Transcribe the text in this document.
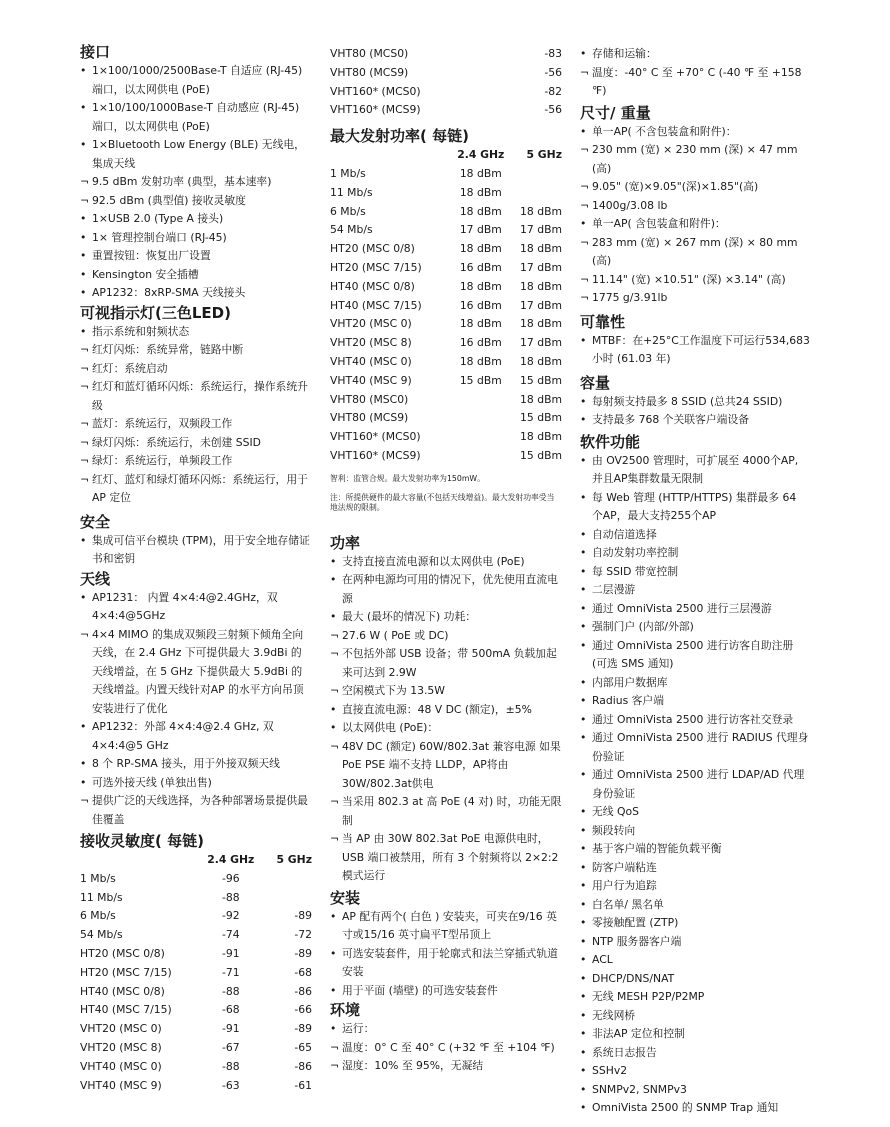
接口
• 1×100/1000/2500Base-T 自适应 (RJ-45) 端口，以太网供电 (PoE)
• 1×10/100/1000Base-T 自动感应 (RJ-45) 端口，以太网供电 (PoE)
• 1×Bluetooth Low Energy (BLE) 无线电，集成天线
¬ 9.5 dBm 发射功率 (典型，基本速率)
¬ 92.5 dBm (典型值) 接收灵敏度
• 1×USB 2.0 (Type A 接头)
• 1× 管理控制台端口 (RJ-45)
• 重置按钮：恢复出厂设置
• Kensington 安全插槽
• AP1232：8xRP-SMA 天线接头
可视指示灯(三色LED)
• 指示系统和射频状态
¬ 红灯闪烁：系统异常，链路中断
¬ 红灯：系统启动
¬ 红灯和蓝灯循环闪烁：系统运行，操作系统升级
¬ 蓝灯：系统运行，双频段工作
¬ 绿灯闪烁：系统运行，未创建 SSID
¬ 绿灯：系统运行，单频段工作
¬ 红灯、蓝灯和绿灯循环闪烁：系统运行，用于 AP 定位
安全
• 集成可信平台模块 (TPM)，用于安全地存储证书和密钥
天线
• AP1231： 内置 4×4:4@2.4GHz，双 4×4:4@5GHz
¬ 4×4 MIMO 的集成双频段三射频下倾角全向天线，在 2.4 GHz 下可提供最大 3.9dBi 的天线增益，在 5 GHz 下提供最大 5.9dBi 的天线增益。内置天线针对AP 的水平方向吊顶安装进行了优化
• AP1232：外部 4×4:4@2.4 GHz, 双 4×4:4@5 GHz
• 8 个 RP-SMA 接头，用于外接双频天线
• 可选外接天线 (单独出售)
¬ 提供广泛的天线选择，为各种部署场景提供最佳覆盖
接收灵敏度( 每链)
	2.4 GHz	5 GHz
1 Mb/s	-96	
11 Mb/s	-88	
6 Mb/s	-92	-89
54 Mb/s	-74	-72
HT20 (MSC 0/8)	-91	-89
HT20 (MSC 7/15)	-71	-68
HT40 (MSC 0/8)	-88	-86
HT40 (MSC 7/15)	-68	-66
VHT20 (MSC 0)	-91	-89
VHT20 (MSC 8)	-67	-65
VHT40 (MSC 0)	-88	-86
VHT40 (MSC 9)	-63	-61
VHT80 (MCS0)		-83
VHT80 (MCS9)		-56
VHT160* (MCS0)		-82
VHT160* (MCS9)		-56
最大发射功率( 每链)
	2.4 GHz	5 GHz
1 Mb/s	18 dBm	
11 Mb/s	18 dBm	
6 Mb/s	18 dBm	18 dBm
54 Mb/s	17 dBm	17 dBm
HT20 (MSC 0/8)	18 dBm	18 dBm
HT20 (MSC 7/15)	16 dBm	17 dBm
HT40 (MSC 0/8)	18 dBm	18 dBm
HT40 (MSC 7/15)	16 dBm	17 dBm
VHT20 (MSC 0)	18 dBm	18 dBm
VHT20 (MSC 8)	16 dBm	17 dBm
VHT40 (MSC 0)	18 dBm	18 dBm
VHT40 (MSC 9)	15 dBm	15 dBm
VHT80 (MSC0)		18 dBm
VHT80 (MCS9)		15 dBm
VHT160* (MCS0)		18 dBm
VHT160* (MCS9)		15 dBm

智利：监管合规。最大发射功率为150mW。

注：所提供硬件的最大容量(不包括天线增益)。最大发射功率受当地法规的限制。

功率
• 支持直接直流电源和以太网供电 (PoE)
• 在两种电源均可用的情况下，优先使用直流电源
• 最大 (最坏的情况下) 功耗：
¬ 27.6 W ( PoE 或 DC)
¬ 不包括外部 USB 设备；带 500mA 负载加起来可达到 2.9W
¬ 空闲模式下为 13.5W
• 直接直流电源：48 V DC (额定)，±5%
• 以太网供电 (PoE)：
¬ 48V DC (额定) 60W/802.3at 兼容电源 如果 PoE PSE 端不支持 LLDP，AP将由 30W/802.3at供电
¬ 当采用 802.3 at 高 PoE (4 对) 时，功能无限制
¬ 当 AP 由 30W 802.3at PoE 电源供电时，USB 端口被禁用，所有 3 个射频将以 2×2:2 模式运行
安装
• AP 配有两个( 白色 ) 安装夹，可夹在9/16 英寸或15/16 英寸扁平T型吊顶上
• 可选安装套件，用于轮廓式和法兰穿插式轨道安装
• 用于平面 (墙壁) 的可选安装套件
环境
• 运行：
¬ 温度：0° C 至 40° C (+32 ℉ 至 +104 ℉)
¬ 湿度：10% 至 95%，无凝结
• 存储和运输：
¬ 温度：-40° C 至 +70° C (-40 ℉ 至 +158 ℉)
尺寸/ 重量
• 单一AP( 不含包装盒和附件)：
¬ 230 mm (宽) × 230 mm (深) × 47 mm (高)
¬ 9.05" (宽)×9.05"(深)×1.85"(高)
¬ 1400g/3.08 lb
• 单一AP( 含包装盒和附件)：
¬ 283 mm (宽) × 267 mm (深) × 80 mm (高)
¬ 11.14" (宽) ×10.51" (深) ×3.14" (高)
¬ 1775 g/3.91lb
可靠性
• MTBF：在+25°C工作温度下可运行534,683 小时 (61.03 年)
容量
• 每射频支持最多 8 SSID (总共24 SSID)
• 支持最多 768 个关联客户端设备
软件功能
• 由 OV2500 管理时，可扩展至 4000个AP, 并且AP集群数量无限制
• 每 Web 管理 (HTTP/HTTPS) 集群最多 64 个AP，最大支持255个AP
• 自动信道选择
• 自动发射功率控制
• 每 SSID 带宽控制
• 二层漫游
• 通过 OmniVista 2500 进行三层漫游
• 强制门户 (内部/外部)
• 通过 OmniVista 2500 进行访客自助注册 (可选 SMS 通知)
• 内部用户数据库
• Radius 客户端
• 通过 OmniVista 2500 进行访客社交登录
• 通过 OmniVista 2500 进行 RADIUS 代理身份验证
• 通过 OmniVista 2500 进行 LDAP/AD 代理身份验证
• 无线 QoS
• 频段转向
• 基于客户端的智能负载平衡
• 防客户端粘连
• 用户行为追踪
• 白名单/ 黑名单
• 零接触配置 (ZTP)
• NTP 服务器客户端
• ACL
• DHCP/DNS/NAT
• 无线 MESH P2P/P2MP
• 无线网桥
• 非法AP 定位和控制
• 系统日志报告
• SSHv2
• SNMPv2, SNMPv3
• OmniVista 2500 的 SNMP Trap 通知
